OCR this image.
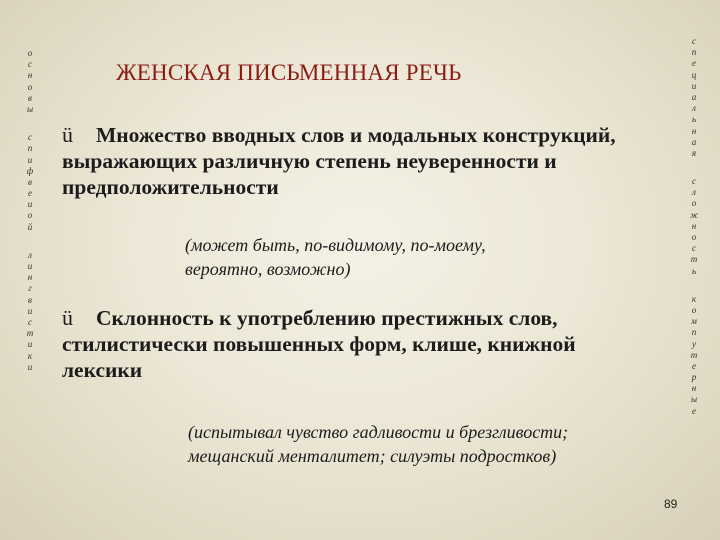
о
с
н
о
в
ы
с
п
и
ф
в
е
и
о
й
л
и
н
г
в
и
с
т
и
к
и
с
п
е
ц
и
а
л
ь
н
а
я
с
л
о
ж
н
о
с
т
ь
к
о
м
п
у
т
е
р
н
ы
е
ЖЕНСКАЯ ПИСЬМЕННАЯ РЕЧЬ
ü Множество вводных слов и модальных конструкций,
выражающих различную степень неуверенности и
предположительности
(может быть, по-видимому, по-моему,
вероятно, возможно)
ü Склонность к употреблению престижных слов,
стилистически повышенных форм, клише, книжной
лексики
(испытывал чувство гадливости и брезгливости;
мещанский менталитет; силуэты подростков)
89
